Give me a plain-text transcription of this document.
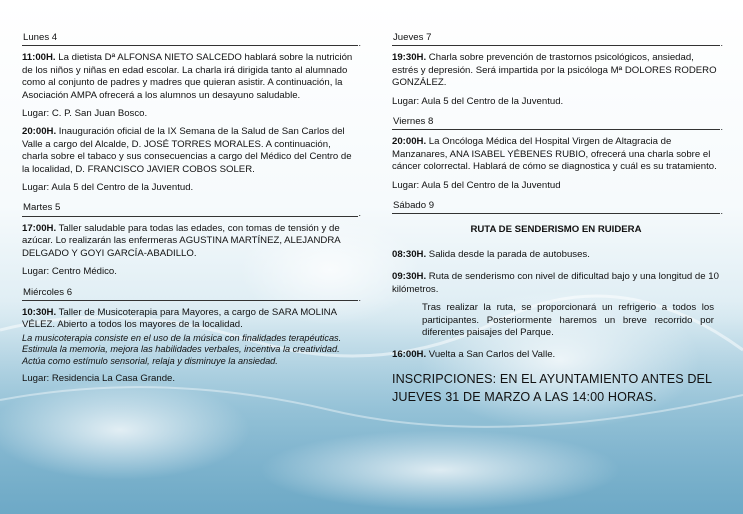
Lunes 4 .
11:00H. La dietista Dª ALFONSA NIETO SALCEDO hablará sobre la nutrición de los niños y niñas en edad escolar. La charla irá dirigida tanto al alumnado como al conjunto de padres y madres que quieran asistir. A continuación, la Asociación AMPA ofrecerá a los alumnos un desayuno saludable.
Lugar: C. P. San Juan Bosco.
20:00H. Inauguración oficial de la IX Semana de la Salud de San Carlos del Valle a cargo del Alcalde, D. JOSÉ TORRES MORALES. A continuación, charla sobre el tabaco y sus consecuencias a cargo del Médico del Centro de la localidad, D. FRANCISCO JAVIER COBOS SOLER.
Lugar: Aula 5 del Centro de la Juventud.
Martes 5 .
17:00H. Taller saludable para todas las edades, con tomas de tensión y de azúcar. Lo realizarán las enfermeras AGUSTINA MARTÍNEZ, ALEJANDRA DELGADO Y GOYI GARCÍA-ABADILLO.
Lugar: Centro Médico.
Miércoles 6 .
10:30H. Taller de Musicoterapia para Mayores, a cargo de SARA MOLINA VÉLEZ. Abierto a todos los mayores de la localidad.
La musicoterapia consiste en el uso de la música con finalidades terapéuticas. Estimula la memoria, mejora las habilidades verbales, incentiva la creatividad. Actúa como estímulo sensorial, relaja y disminuye la ansiedad.
Lugar: Residencia La Casa Grande.
Jueves 7 .
19:30H. Charla sobre prevención de trastornos psicológicos, ansiedad, estrés y depresión. Será impartida por la psicóloga Mª DOLORES RODERO GONZÁLEZ.
Lugar: Aula 5 del Centro de la Juventud.
Viernes 8 .
20:00H. La Oncóloga Médica del Hospital Virgen de Altagracia de Manzanares, ANA ISABEL YÉBENES RUBIO, ofrecerá una charla sobre el cáncer colorrectal. Hablará de cómo se diagnostica y cuál es su tratamiento.
Lugar: Aula 5 del Centro de la Juventud
Sábado 9 .
RUTA DE SENDERISMO EN RUIDERA
08:30H. Salida desde la parada de autobuses.
09:30H. Ruta de senderismo con nivel de dificultad bajo y una longitud de 10 kilómetros.
Tras realizar la ruta, se proporcionará un refrigerio a todos los participantes. Posteriormente haremos un breve recorrido por diferentes paisajes del Parque.
16:00H. Vuelta a San Carlos del Valle.
INSCRIPCIONES: EN EL AYUNTAMIENTO ANTES DEL JUEVES 31 DE MARZO A LAS 14:00 HORAS.
